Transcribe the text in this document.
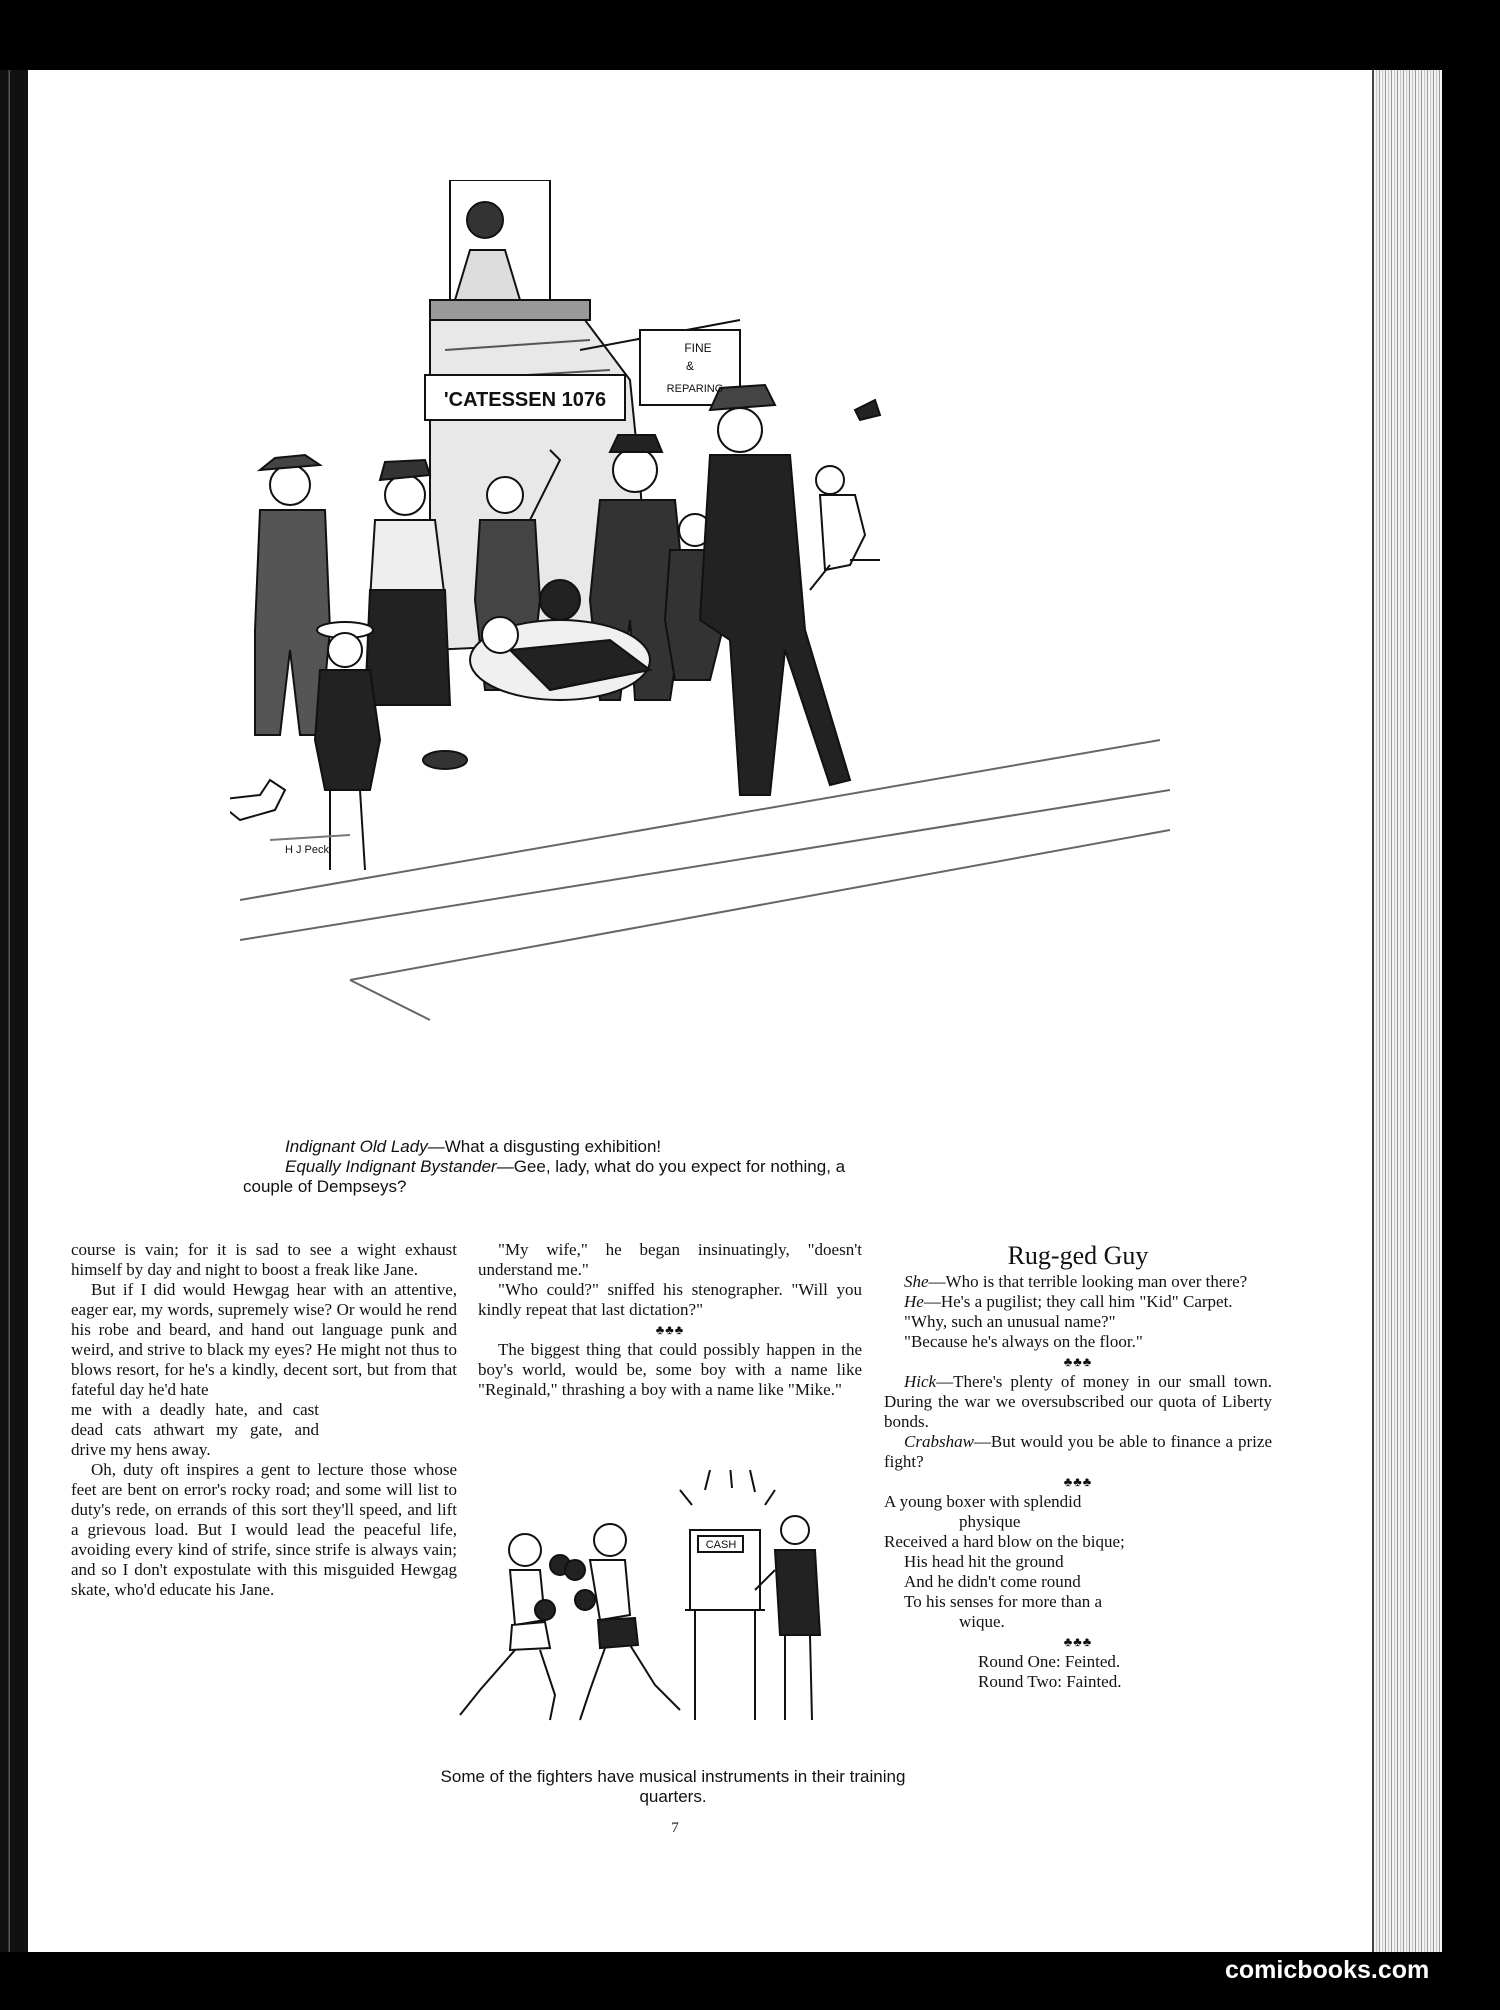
'CATESSEN 1076
FINE
&
REPARING
H J Peck

Indignant Old Lady—What a disgusting exhibition!

Equally Indignant Bystander—Gee, lady, what do you expect for nothing, a

couple of Dempseys?

course is vain; for it is sad to see a wight exhaust himself by day and night to boost a freak like Jane.

But if I did would Hewgag hear with an attentive, eager ear, my words, supremely wise? Or would he rend his robe and beard, and hand out language punk and weird, and strive to black my eyes? He might not thus to blows resort, for he's a kindly, decent sort, but from that fateful day he'd hate

me with a deadly hate, and cast dead cats athwart my gate, and drive my hens away.

Oh, duty oft inspires a gent to lecture those whose feet are bent on error's rocky road; and some will list to duty's rede, on errands of this sort they'll speed, and lift a grievous load. But I would lead the peaceful life, avoiding every kind of strife, since strife is always vain; and so I don't expostulate with this misguided Hewgag skate, who'd educate his Jane.

"My wife," he began insinuatingly, "doesn't understand me."

"Who could?" sniffed his stenographer. "Will you kindly repeat that last dictation?"

♣♣♣

The biggest thing that could possibly happen in the boy's world, would be, some boy with a name like "Reginald," thrashing a boy with a name like "Mike."

CASH
Some of the fighters have musical instruments in their training quarters.

Rug-ged Guy

She—Who is that terrible looking man over there?

He—He's a pugilist; they call him "Kid" Carpet.

"Why, such an unusual name?"

"Because he's always on the floor."

♣♣♣

Hick—There's plenty of money in our small town. During the war we oversubscribed our quota of Liberty bonds.

Crabshaw—But would you be able to finance a prize fight?

♣♣♣

A young boxer with splendid

physique

Received a hard blow on the bique;

His head hit the ground

And he didn't come round

To his senses for more than a

wique.

♣♣♣

Round One: Feinted.

Round Two: Fainted.

7
comicbooks.com
